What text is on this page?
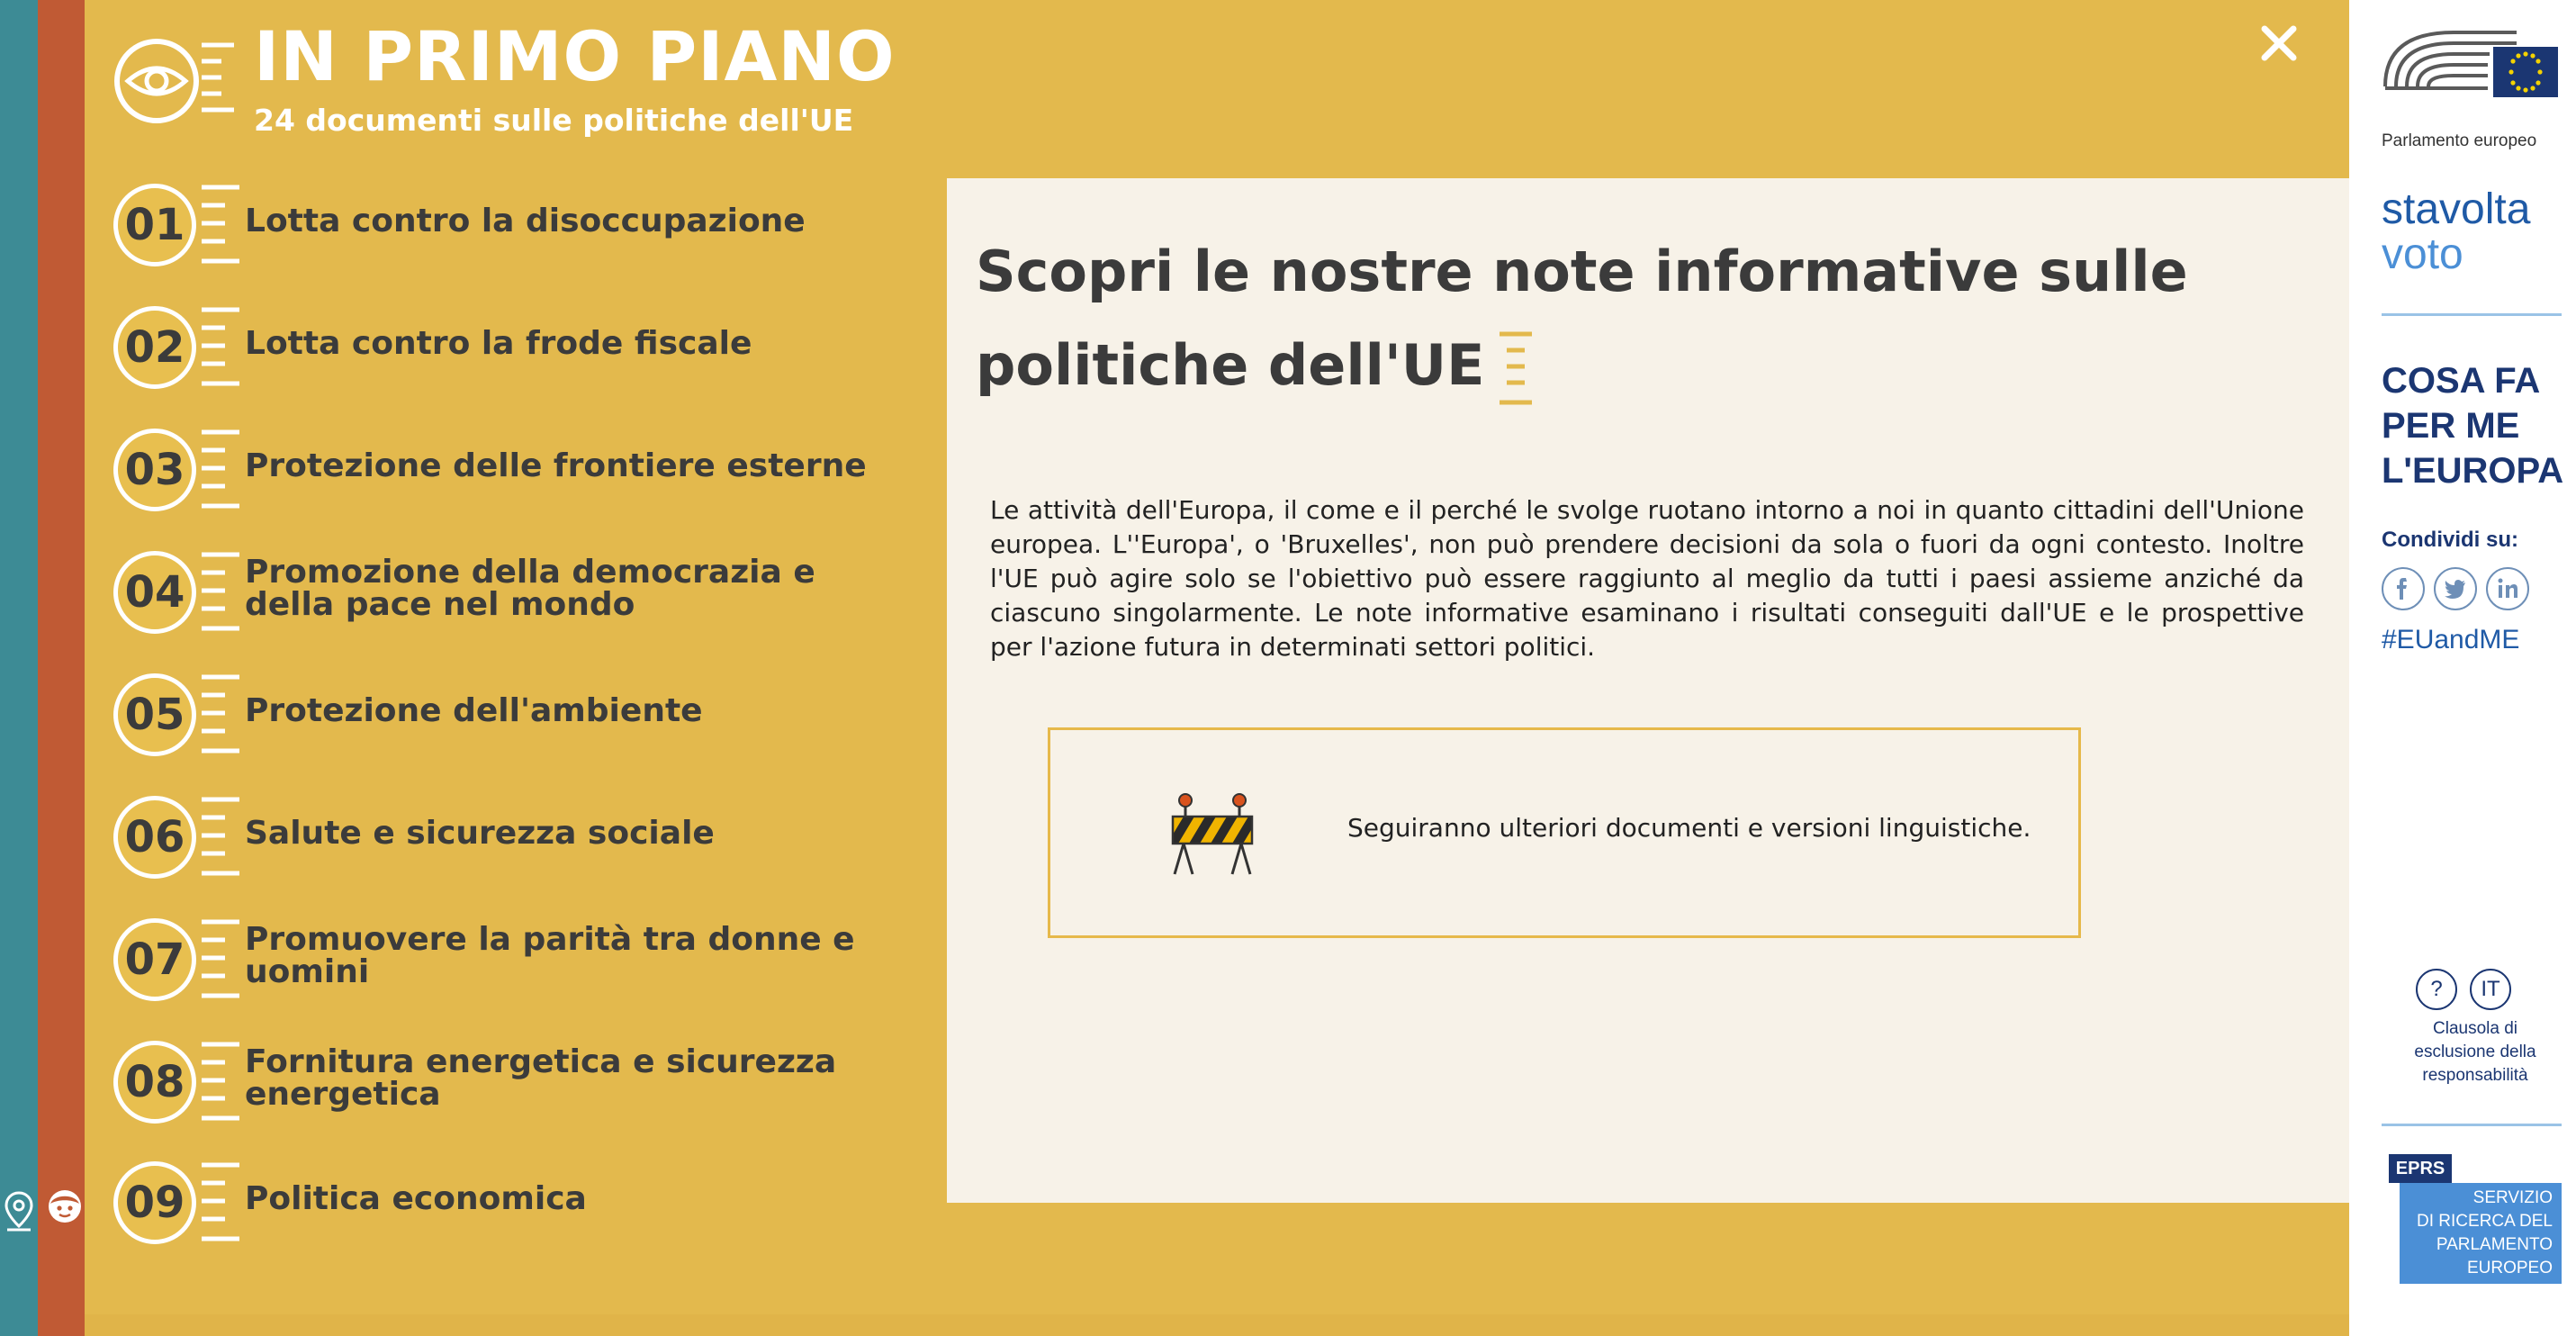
IN PRIMO PIANO
24 documenti sulle politiche dell'UE
01	Lotta contro la disoccupazione
02	Lotta contro la frode fiscale
03	Protezione delle frontiere esterne
04	Promozione della democrazia e della pace nel mondo
05	Protezione dell'ambiente
06	Salute e sicurezza sociale
07	Promuovere la parità tra donne e uomini
08	Fornitura energetica e sicurezza energetica
09	Politica economica
Scopri le nostre note informative sulle politiche dell'UE
Le attività dell'Europa, il come e il perché le svolge ruotano intorno a noi in quanto cittadini dell'Unione europea. L''Europa', o 'Bruxelles', non può prendere decisioni da sola o fuori da ogni contesto. Inoltre l'UE può agire solo se l'obiettivo può essere raggiunto al meglio da tutti i paesi assieme anziché da ciascuno singolarmente. Le note informative esaminano i risultati conseguiti dall'UE e le prospettive per l'azione futura in determinati settori politici.
Seguiranno ulteriori documenti e versioni linguistiche.
Parlamento europeo
stavolta
voto
COSA FA
PER ME
L'EUROPA
Condividi su:
#EUandME
?	IT
Clausola di
esclusione della
responsabilità
EPRS
SERVIZIO
DI RICERCA DEL
PARLAMENTO
EUROPEO
